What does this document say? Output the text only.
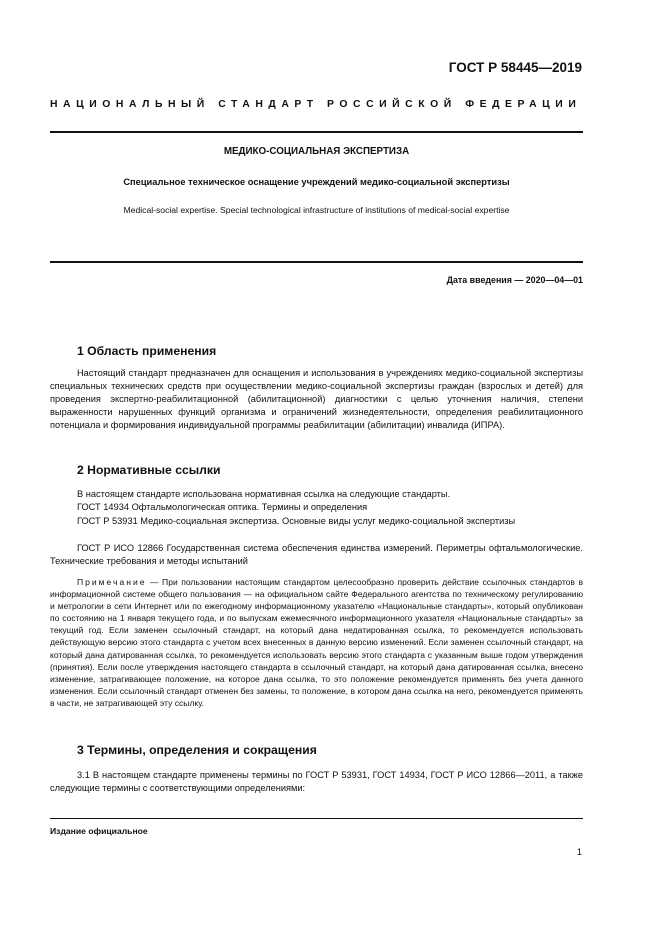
ГОСТ Р 58445—2019
НАЦИОНАЛЬНЫЙ СТАНДАРТ РОССИЙСКОЙ ФЕДЕРАЦИИ
МЕДИКО-СОЦИАЛЬНАЯ ЭКСПЕРТИЗА
Специальное техническое оснащение учреждений медико-социальной экспертизы
Medical-social expertise. Special technological infrastructure of institutions of medical-social expertise
Дата введения — 2020—04—01
1 Область применения

Настоящий стандарт предназначен для оснащения и использования в учреждениях медико-социальной экспертизы специальных технических средств при осуществлении медико-социальной экспертизы граждан (взрослых и детей) для проведения экспертно-реабилитационной (абилитационной) диагностики с целью уточнения наличия, степени выраженности нарушенных функций организма и ограничений жизнедеятельности, определения реабилитационного потенциала и формирования индивидуальной программы реабилитации (абилитации) инвалида (ИПРА).

2 Нормативные ссылки

В настоящем стандарте использована нормативная ссылка на следующие стандарты.

ГОСТ 14934 Офтальмологическая оптика. Термины и определения

ГОСТ Р 53931 Медико-социальная экспертиза. Основные виды услуг медико-социальной экспертизы

ГОСТ Р ИСО 12866 Государственная система обеспечения единства измерений. Периметры офтальмологические. Технические требования и методы испытаний

Примечание — При пользовании настоящим стандартом целесообразно проверить действие ссылочных стандартов в информационной системе общего пользования — на официальном сайте Федерального агентства по техническому регулированию и метрологии в сети Интернет или по ежегодному информационному указателю «Национальные стандарты», который опубликован по состоянию на 1 января текущего года, и по выпускам ежемесячного информационного указателя «Национальные стандарты» за текущий год. Если заменен ссылочный стандарт, на который дана недатированная ссылка, то рекомендуется использовать действующую версию этого стандарта с учетом всех внесенных в данную версию изменений. Если заменен ссылочный стандарт, на который дана датированная ссылка, то рекомендуется использовать версию этого стандарта с указанным выше годом утверждения (принятия). Если после утверждения настоящего стандарта в ссылочный стандарт, на который дана датированная ссылка, внесено изменение, затрагивающее положение, на которое дана ссылка, то это положение рекомендуется применять без учета данного изменения. Если ссылочный стандарт отменен без замены, то положение, в котором дана ссылка на него, рекомендуется применять в части, не затрагивающей эту ссылку.

3 Термины, определения и сокращения

3.1 В настоящем стандарте применены термины по ГОСТ Р 53931, ГОСТ 14934, ГОСТ Р ИСО 12866—2011, а также следующие термины с соответствующими определениями:

Издание официальное
1
